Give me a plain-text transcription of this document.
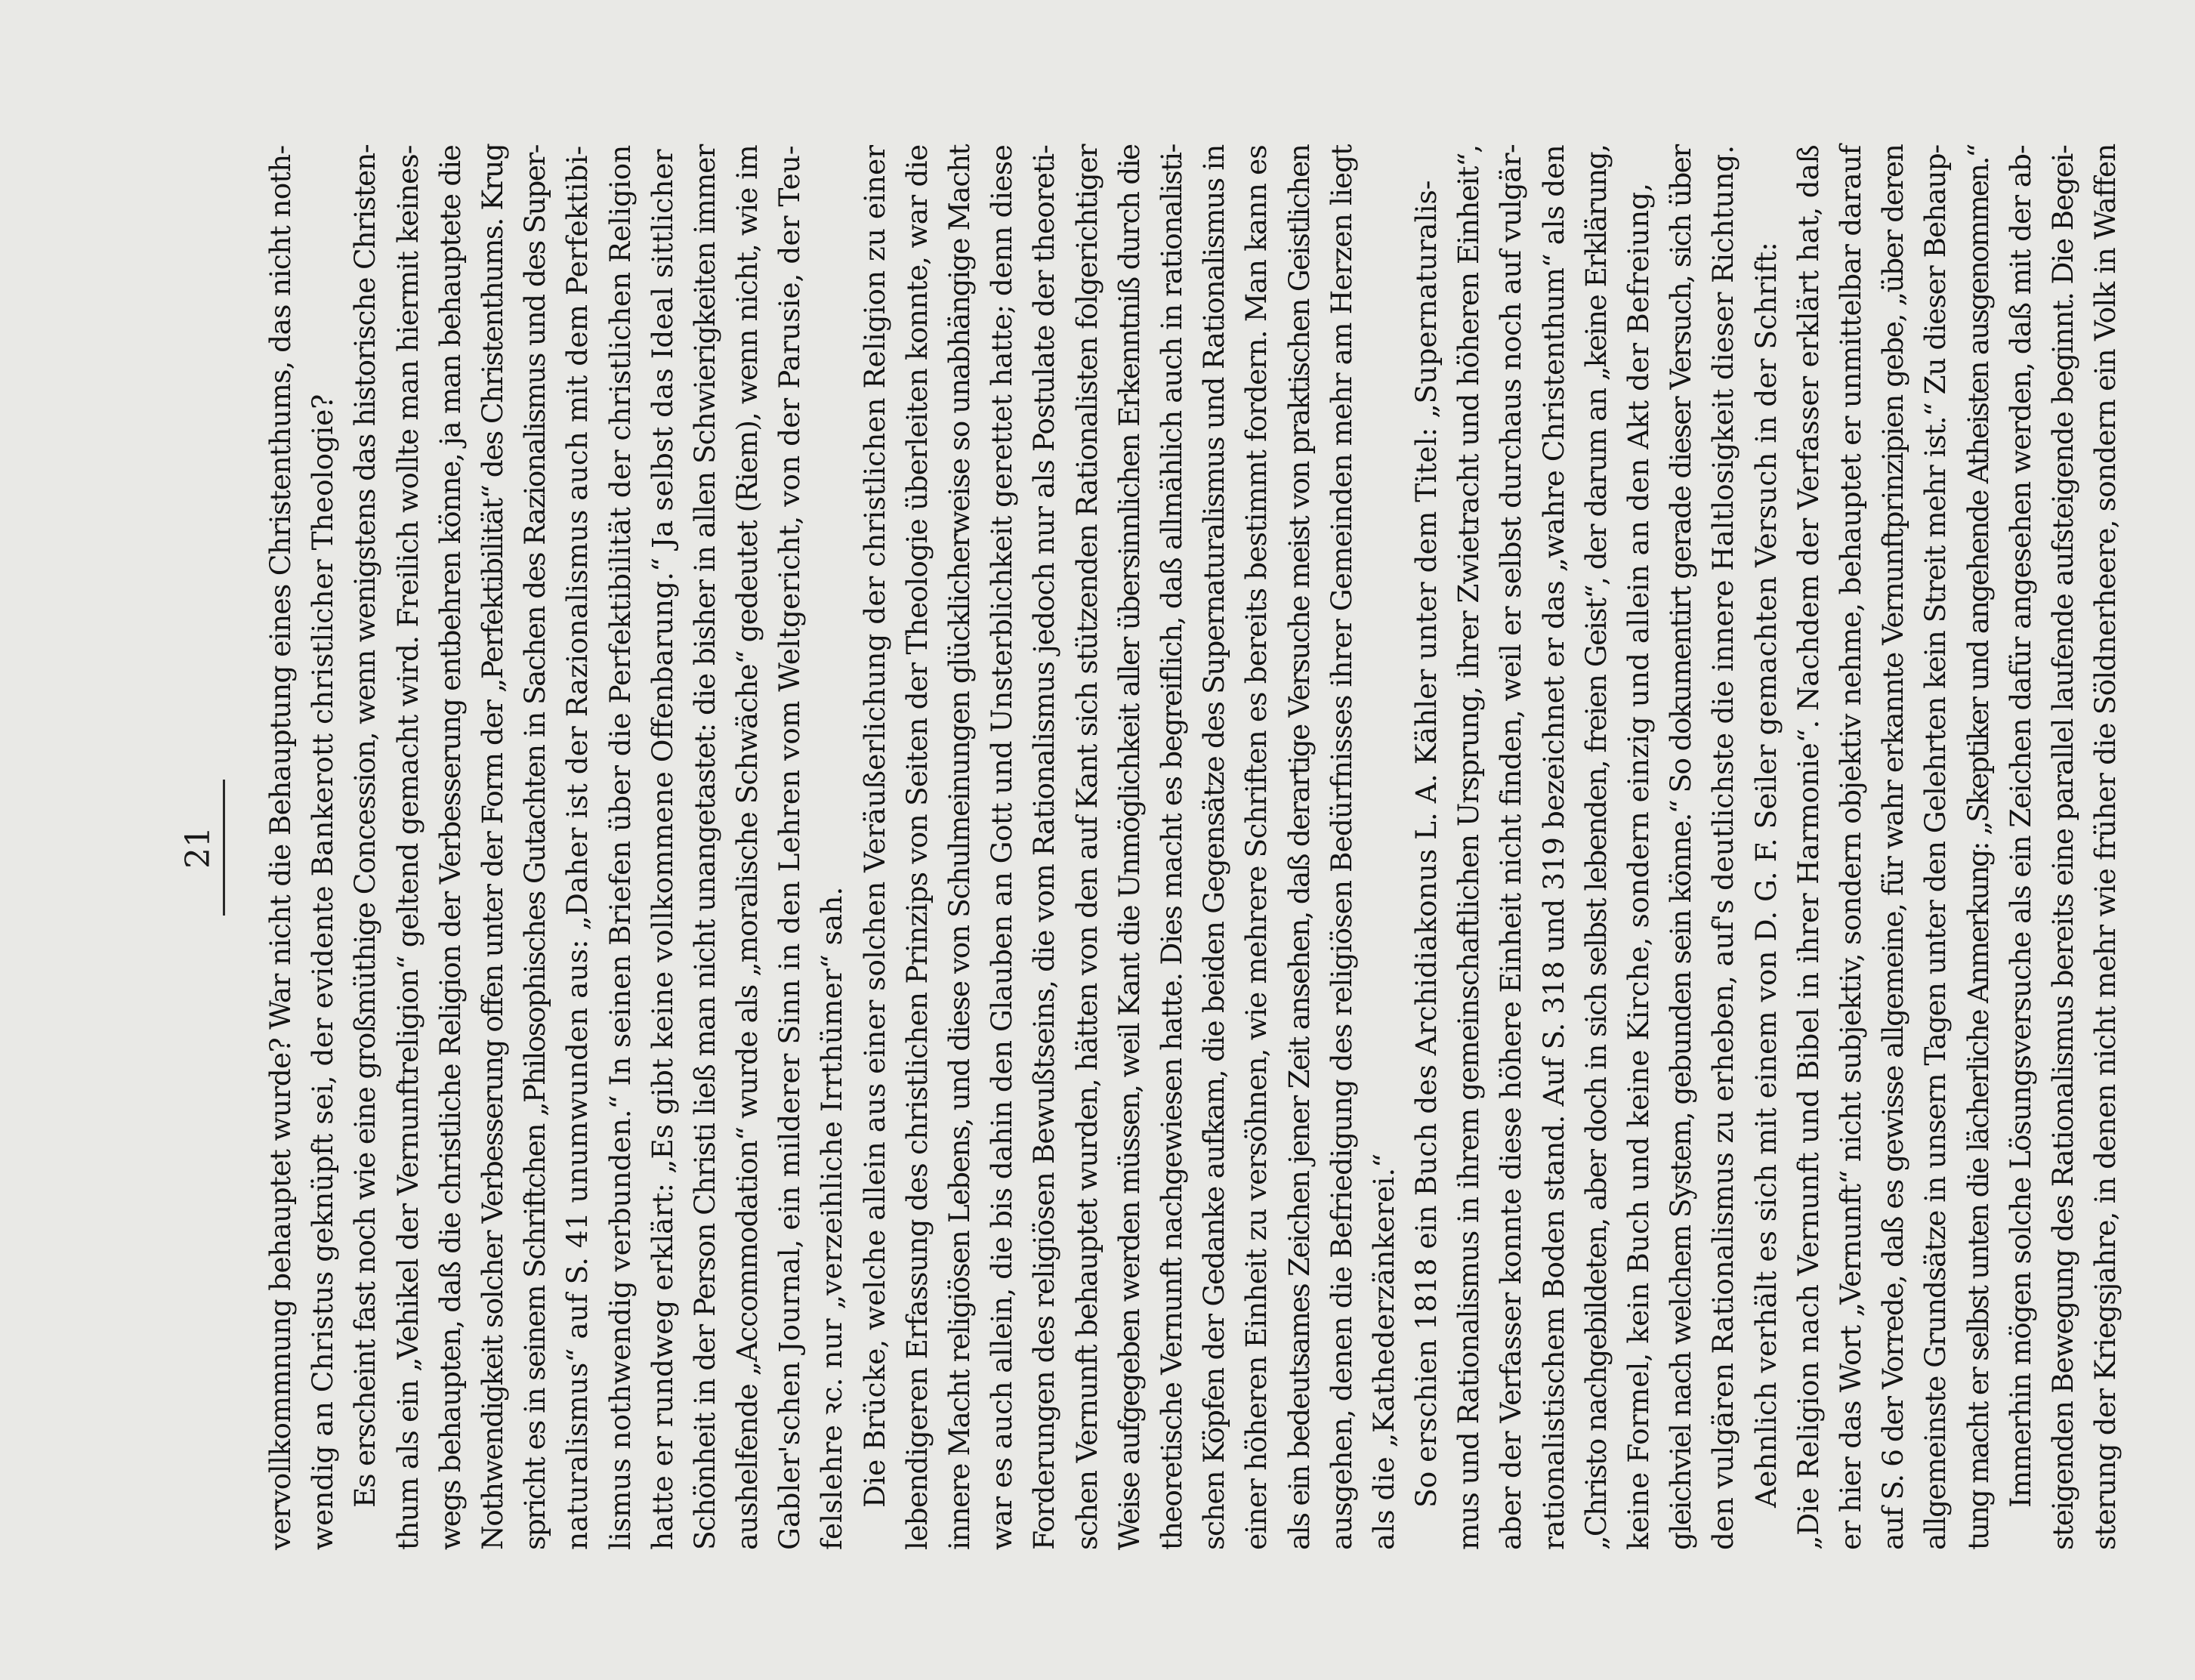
21 vervollkommnung behauptet wurde? War nicht die Behauptung eines Christenthums, das nicht noth- wendig an Christus geknüpft sei, der evidente Bankerott christlicher Theologie? Es erscheint fast noch wie eine großmüthige Concession, wenn wenigstens das historische Christen- thum als ein „Vehikel der Vernunftreligion“ geltend gemacht wird. Freilich wollte man hiermit keines- wegs behaupten, daß die christliche Religion der Verbesserung entbehren könne, ja man behauptete die Nothwendigkeit solcher Verbesserung offen unter der Form der „Perfektibilität“ des Christenthums. Krug spricht es in seinem Schriftchen „Philosophisches Gutachten in Sachen des Razionalismus und des Super- naturalismus“ auf S. 41 unumwunden aus: „Daher ist der Razionalismus auch mit dem Perfektibi- lismus nothwendig verbunden.“ In seinen Briefen über die Perfektibilität der christlichen Religion hatte er rundweg erklärt: „Es gibt keine vollkommene Offenbarung.“ Ja selbst das Ideal sittlicher Schönheit in der Person Christi ließ man nicht unangetastet: die bisher in allen Schwierigkeiten immer aushelfende „Accommodation“ wurde als „moralische Schwäche“ gedeutet (Riem), wenn nicht, wie im Gabler'schen Journal, ein milderer Sinn in den Lehren vom Weltgericht, von der Parusie, der Teu- felslehre ꝛc. nur „verzeihliche Irrthümer“ sah. Die Brücke, welche allein aus einer solchen Veräußerlichung der christlichen Religion zu einer lebendigeren Erfassung des christlichen Prinzips von Seiten der Theologie überleiten konnte, war die innere Macht religiösen Lebens, und diese von Schulmeinungen glücklicherweise so unabhängige Macht war es auch allein, die bis dahin den Glauben an Gott und Unsterblichkeit gerettet hatte; denn diese Forderungen des religiösen Bewußtseins, die vom Rationalismus jedoch nur als Postulate der theoreti- schen Vernunft behauptet wurden, hätten von den auf Kant sich stützenden Rationalisten folgerichtiger Weise aufgegeben werden müssen, weil Kant die Unmöglichkeit aller übersinnlichen Erkenntniß durch die theoretische Vernunft nachgewiesen hatte. Dies macht es begreiflich, daß allmählich auch in rationalisti- schen Köpfen der Gedanke aufkam, die beiden Gegensätze des Supernaturalismus und Rationalismus in einer höheren Einheit zu versöhnen, wie mehrere Schriften es bereits bestimmt fordern. Man kann es als ein bedeutsames Zeichen jener Zeit ansehen, daß derartige Versuche meist von praktischen Geistlichen ausgehen, denen die Befriedigung des religiösen Bedürfnisses ihrer Gemeinden mehr am Herzen liegt als die „Kathederzänkerei.“ So erschien 1818 ein Buch des Archidiakonus L. A. Kähler unter dem Titel: „Supernaturalis- mus und Rationalismus in ihrem gemeinschaftlichen Ursprung, ihrer Zwietracht und höheren Einheit“, aber der Verfasser konnte diese höhere Einheit nicht finden, weil er selbst durchaus noch auf vulgär- rationalistischem Boden stand. Auf S. 318 und 319 bezeichnet er das „wahre Christenthum“ als den „Christo nachgebildeten, aber doch in sich selbst lebenden, freien Geist“, der darum an „keine Erklärung, keine Formel, kein Buch und keine Kirche, sondern einzig und allein an den Akt der Befreiung, gleichviel nach welchem System, gebunden sein könne.“ So dokumentirt gerade dieser Versuch, sich über den vulgären Rationalismus zu erheben, auf's deutlichste die innere Haltlosigkeit dieser Richtung. Aehnlich verhält es sich mit einem von D. G. F. Seiler gemachten Versuch in der Schrift: „Die Religion nach Vernunft und Bibel in ihrer Harmonie“. Nachdem der Verfasser erklärt hat, daß er hier das Wort „Vernunft“ nicht subjektiv, sondern objektiv nehme, behauptet er unmittelbar darauf auf S. 6 der Vorrede, daß es gewisse allgemeine, für wahr erkannte Vernunftprinzipien gebe, „über deren allgemeinste Grundsätze in unsern Tagen unter den Gelehrten kein Streit mehr ist.“ Zu dieser Behaup- tung macht er selbst unten die lächerliche Anmerkung: „Skeptiker und angehende Atheisten ausgenommen.“ Immerhin mögen solche Lösungsversuche als ein Zeichen dafür angesehen werden, daß mit der ab- steigenden Bewegung des Rationalismus bereits eine parallel laufende aufsteigende beginnt. Die Begei- sterung der Kriegsjahre, in denen nicht mehr wie früher die Söldnerheere, sondern ein Volk in Waffen
